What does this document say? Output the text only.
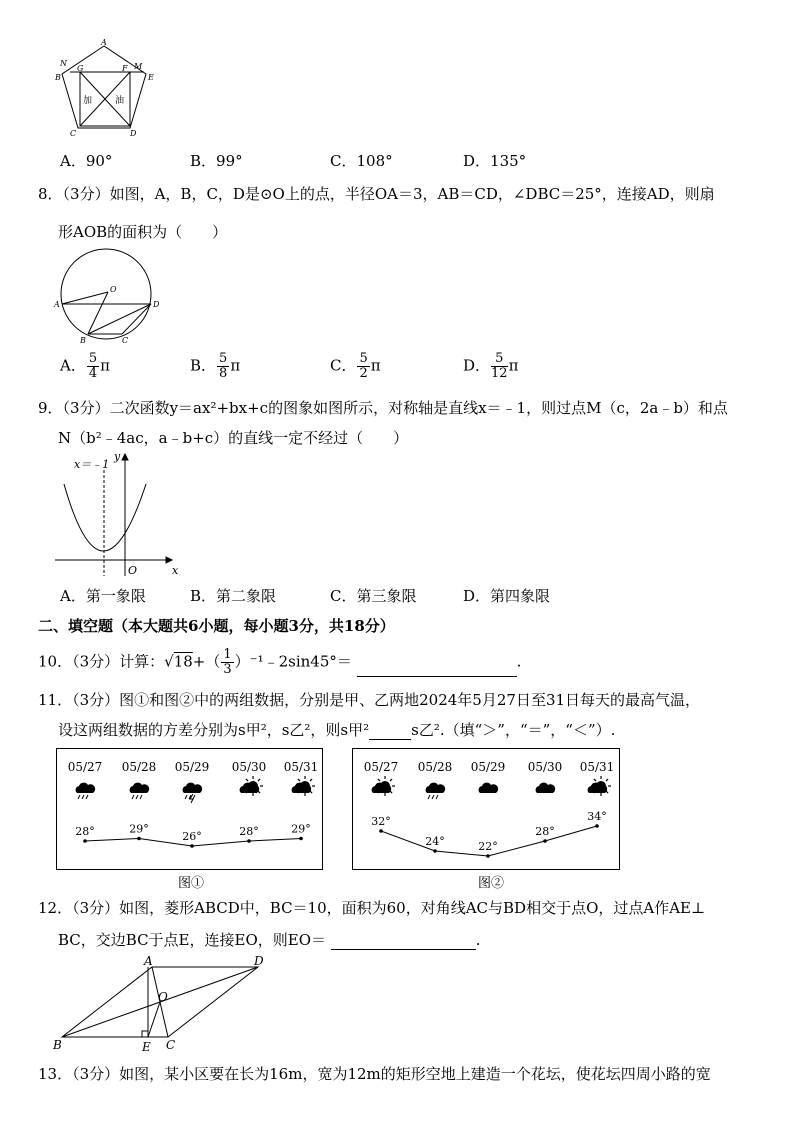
A
M
B
G	F
E
N
C	D
加	油
A．90°	B．99°	C．108°	D．135°
8．（3分）如图，A，B，C，D是⊙O上的点，半径OA＝3，AB＝CD，∠DBC＝25°，连接AD，则扇
形AOB的面积为（　　）
O
A	D
B	C
A． $\frac{5}{4}$ π	B． $\frac{5}{8}$ π	C． $\frac{5}{2}$ π	D． $\frac{5}{12}$ π
9．（3分）二次函数y＝ax²+bx+c的图象如图所示，对称轴是直线x＝﹣1，则过点M（c，2a﹣b）和点
N（b²﹣4ac，a﹣b+c）的直线一定不经过（　　）
x＝﹣1
y
x
O
A．第一象限	B．第二象限	C．第三象限	D．第四象限
二、填空题（本大题共6小题，每小题3分，共18分）
10．（3分）计算：$√18+( \frac{1}{3}$ ）⁻¹﹣2sin45°＝	.
11．（3分）图①和图②中的两组数据，分别是甲、乙两地2024年5月27日至31日每天的最高气温，
设这两组数据的方差分别为s甲²，s乙²，则s甲²	s乙².（填“＞”，“＝”，“＜”）.
05/27 05/28 05/29 05/30 05/31
28°	29°
26°	28°	29°
图①
05/27 05/28 05/29 05/30 05/31
32°
24°	22°
28°
34°
图②
12．（3分）如图，菱形ABCD中，BC＝10，面积为60，对角线AC与BD相交于点O，过点A作AE⊥
BC，交边BC于点E，连接EO，则EO＝	.
A	D
O
B	E C
13．（3分）如图，某小区要在长为16m，宽为12m的矩形空地上建造一个花坛，使花坛四周小路的宽
